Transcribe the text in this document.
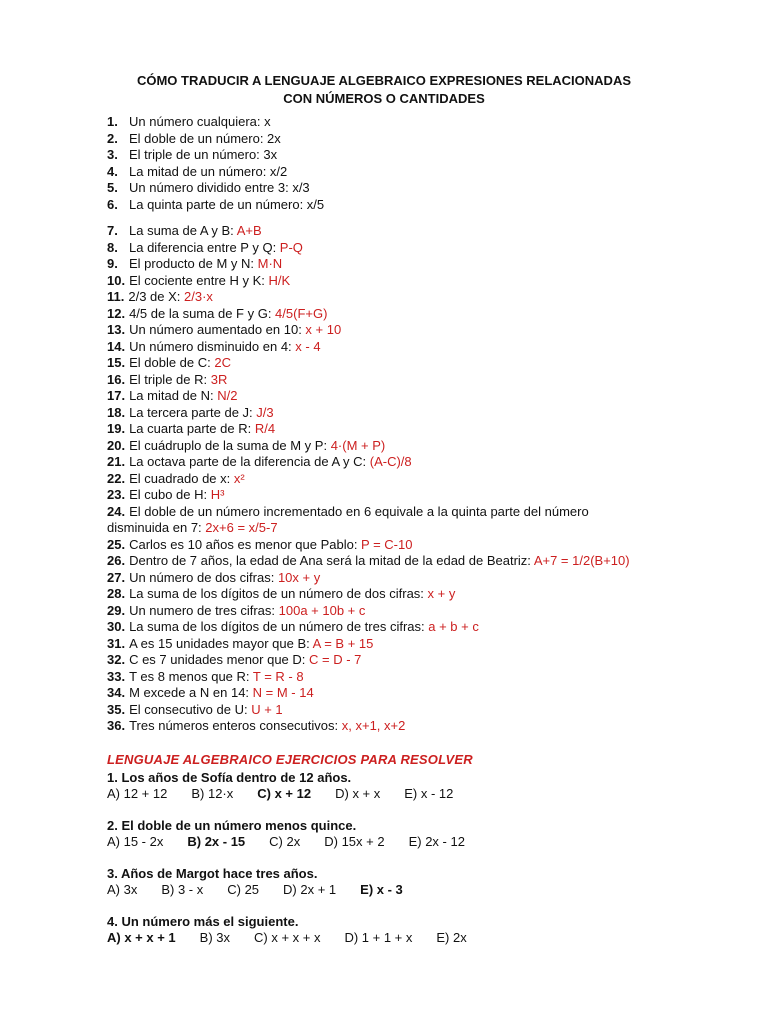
CÓMO TRADUCIR A LENGUAJE ALGEBRAICO EXPRESIONES RELACIONADAS
CON NÚMEROS O CANTIDADES
1. Un número cualquiera: x
2. El doble de un número: 2x
3. El triple de un número: 3x
4. La mitad de un número: x/2
5. Un número dividido entre 3: x/3
6. La quinta parte de un número: x/5
7. La suma de A y B: A+B
8. La diferencia entre P y Q: P-Q
9. El producto de M y N: M·N
10. El cociente entre H y K: H/K
11. 2/3 de X: 2/3·x
12. 4/5 de la suma de F y G: 4/5(F+G)
13. Un número aumentado en 10: x + 10
14. Un número disminuido en 4: x - 4
15. El doble de C: 2C
16. El triple de R: 3R
17. La mitad de N: N/2
18. La tercera parte de J: J/3
19. La cuarta parte de R: R/4
20. El cuádruplo de la suma de M y P: 4·(M + P)
21. La octava parte de la diferencia de A y C: (A-C)/8
22. El cuadrado de x: x²
23. El cubo de H: H³
24. El doble de un número incrementado en 6 equivale a la quinta parte del número disminuida en 7: 2x+6 = x/5-7
25. Carlos es 10 años es menor que Pablo: P = C-10
26. Dentro de 7 años, la edad de Ana será la mitad de la edad de Beatriz: A+7 = 1/2(B+10)
27. Un número de dos cifras: 10x + y
28. La suma de los dígitos de un número de dos cifras: x + y
29. Un numero de tres cifras: 100a + 10b + c
30. La suma de los dígitos de un número de tres cifras: a + b + c
31. A es 15 unidades mayor que B: A = B + 15
32. C es 7 unidades menor que D: C = D - 7
33. T es 8 menos que R: T = R - 8
34. M excede a N en 14: N = M - 14
35. El consecutivo de U: U + 1
36. Tres números enteros consecutivos: x, x+1, x+2
LENGUAJE ALGEBRAICO EJERCICIOS PARA RESOLVER
1. Los años de Sofía dentro de 12 años.
A) 12 + 12 B) 12·x C) x + 12 D) x + x E) x - 12
2. El doble de un número menos quince.
A) 15 - 2x B) 2x - 15 C) 2x D) 15x + 2 E) 2x - 12
3. Años de Margot hace tres años.
A) 3x B) 3 - x C) 25 D) 2x + 1 E) x - 3
4. Un número más el siguiente.
A) x + x + 1 B) 3x C) x + x + x D) 1 + 1 + x E) 2x
